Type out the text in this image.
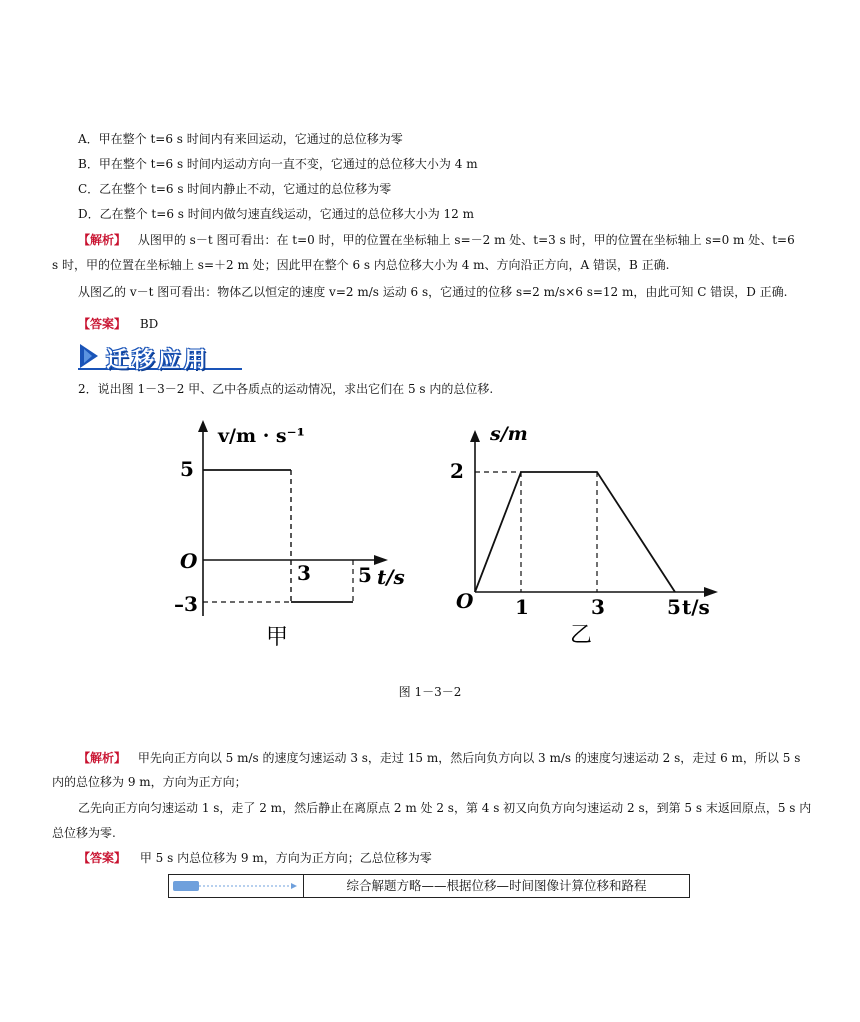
A．甲在整个 t=6 s 时间内有来回运动，它通过的总位移为零
B．甲在整个 t=6 s 时间内运动方向一直不变，它通过的总位移大小为 4 m
C．乙在整个 t=6 s 时间内静止不动，它通过的总位移为零
D．乙在整个 t=6 s 时间内做匀速直线运动，它通过的总位移大小为 12 m
【解析】 从图甲的 s－t 图可看出：在 t=0 时，甲的位置在坐标轴上 s=－2 m 处、t=3 s 时，甲的位置在坐标轴上 s=0 m 处、t=6
s 时，甲的位置在坐标轴上 s=＋2 m 处；因此甲在整个 6 s 内总位移大小为 4 m、方向沿正方向，A 错误，B 正确.
从图乙的 v－t 图可看出：物体乙以恒定的速度 v=2 m/s 运动 6 s，它通过的位移 s=2 m/s×6 s=12 m，由此可知 C 错误，D 正确.
【答案】 BD
迁移应用
2．说出图 1－3－2 甲、乙中各质点的运动情况，求出它们在 5 s 内的总位移.
v/m · s⁻¹
5
–3
O	3 5 t/s
甲
s/m
2
O 1	3	5 t/s
乙
图 1－3－2
【解析】 甲先向正方向以 5 m/s 的速度匀速运动 3 s，走过 15 m，然后向负方向以 3 m/s 的速度匀速运动 2 s，走过 6 m，所以 5 s
内的总位移为 9 m，方向为正方向；
乙先向正方向匀速运动 1 s，走了 2 m，然后静止在离原点 2 m 处 2 s，第 4 s 初又向负方向匀速运动 2 s，到第 5 s 末返回原点，5 s 内
总位移为零.
【答案】 甲 5 s 内总位移为 9 m，方向为正方向；乙总位移为零
综合解题方略——根据位移—时间图像计算位移和路程
